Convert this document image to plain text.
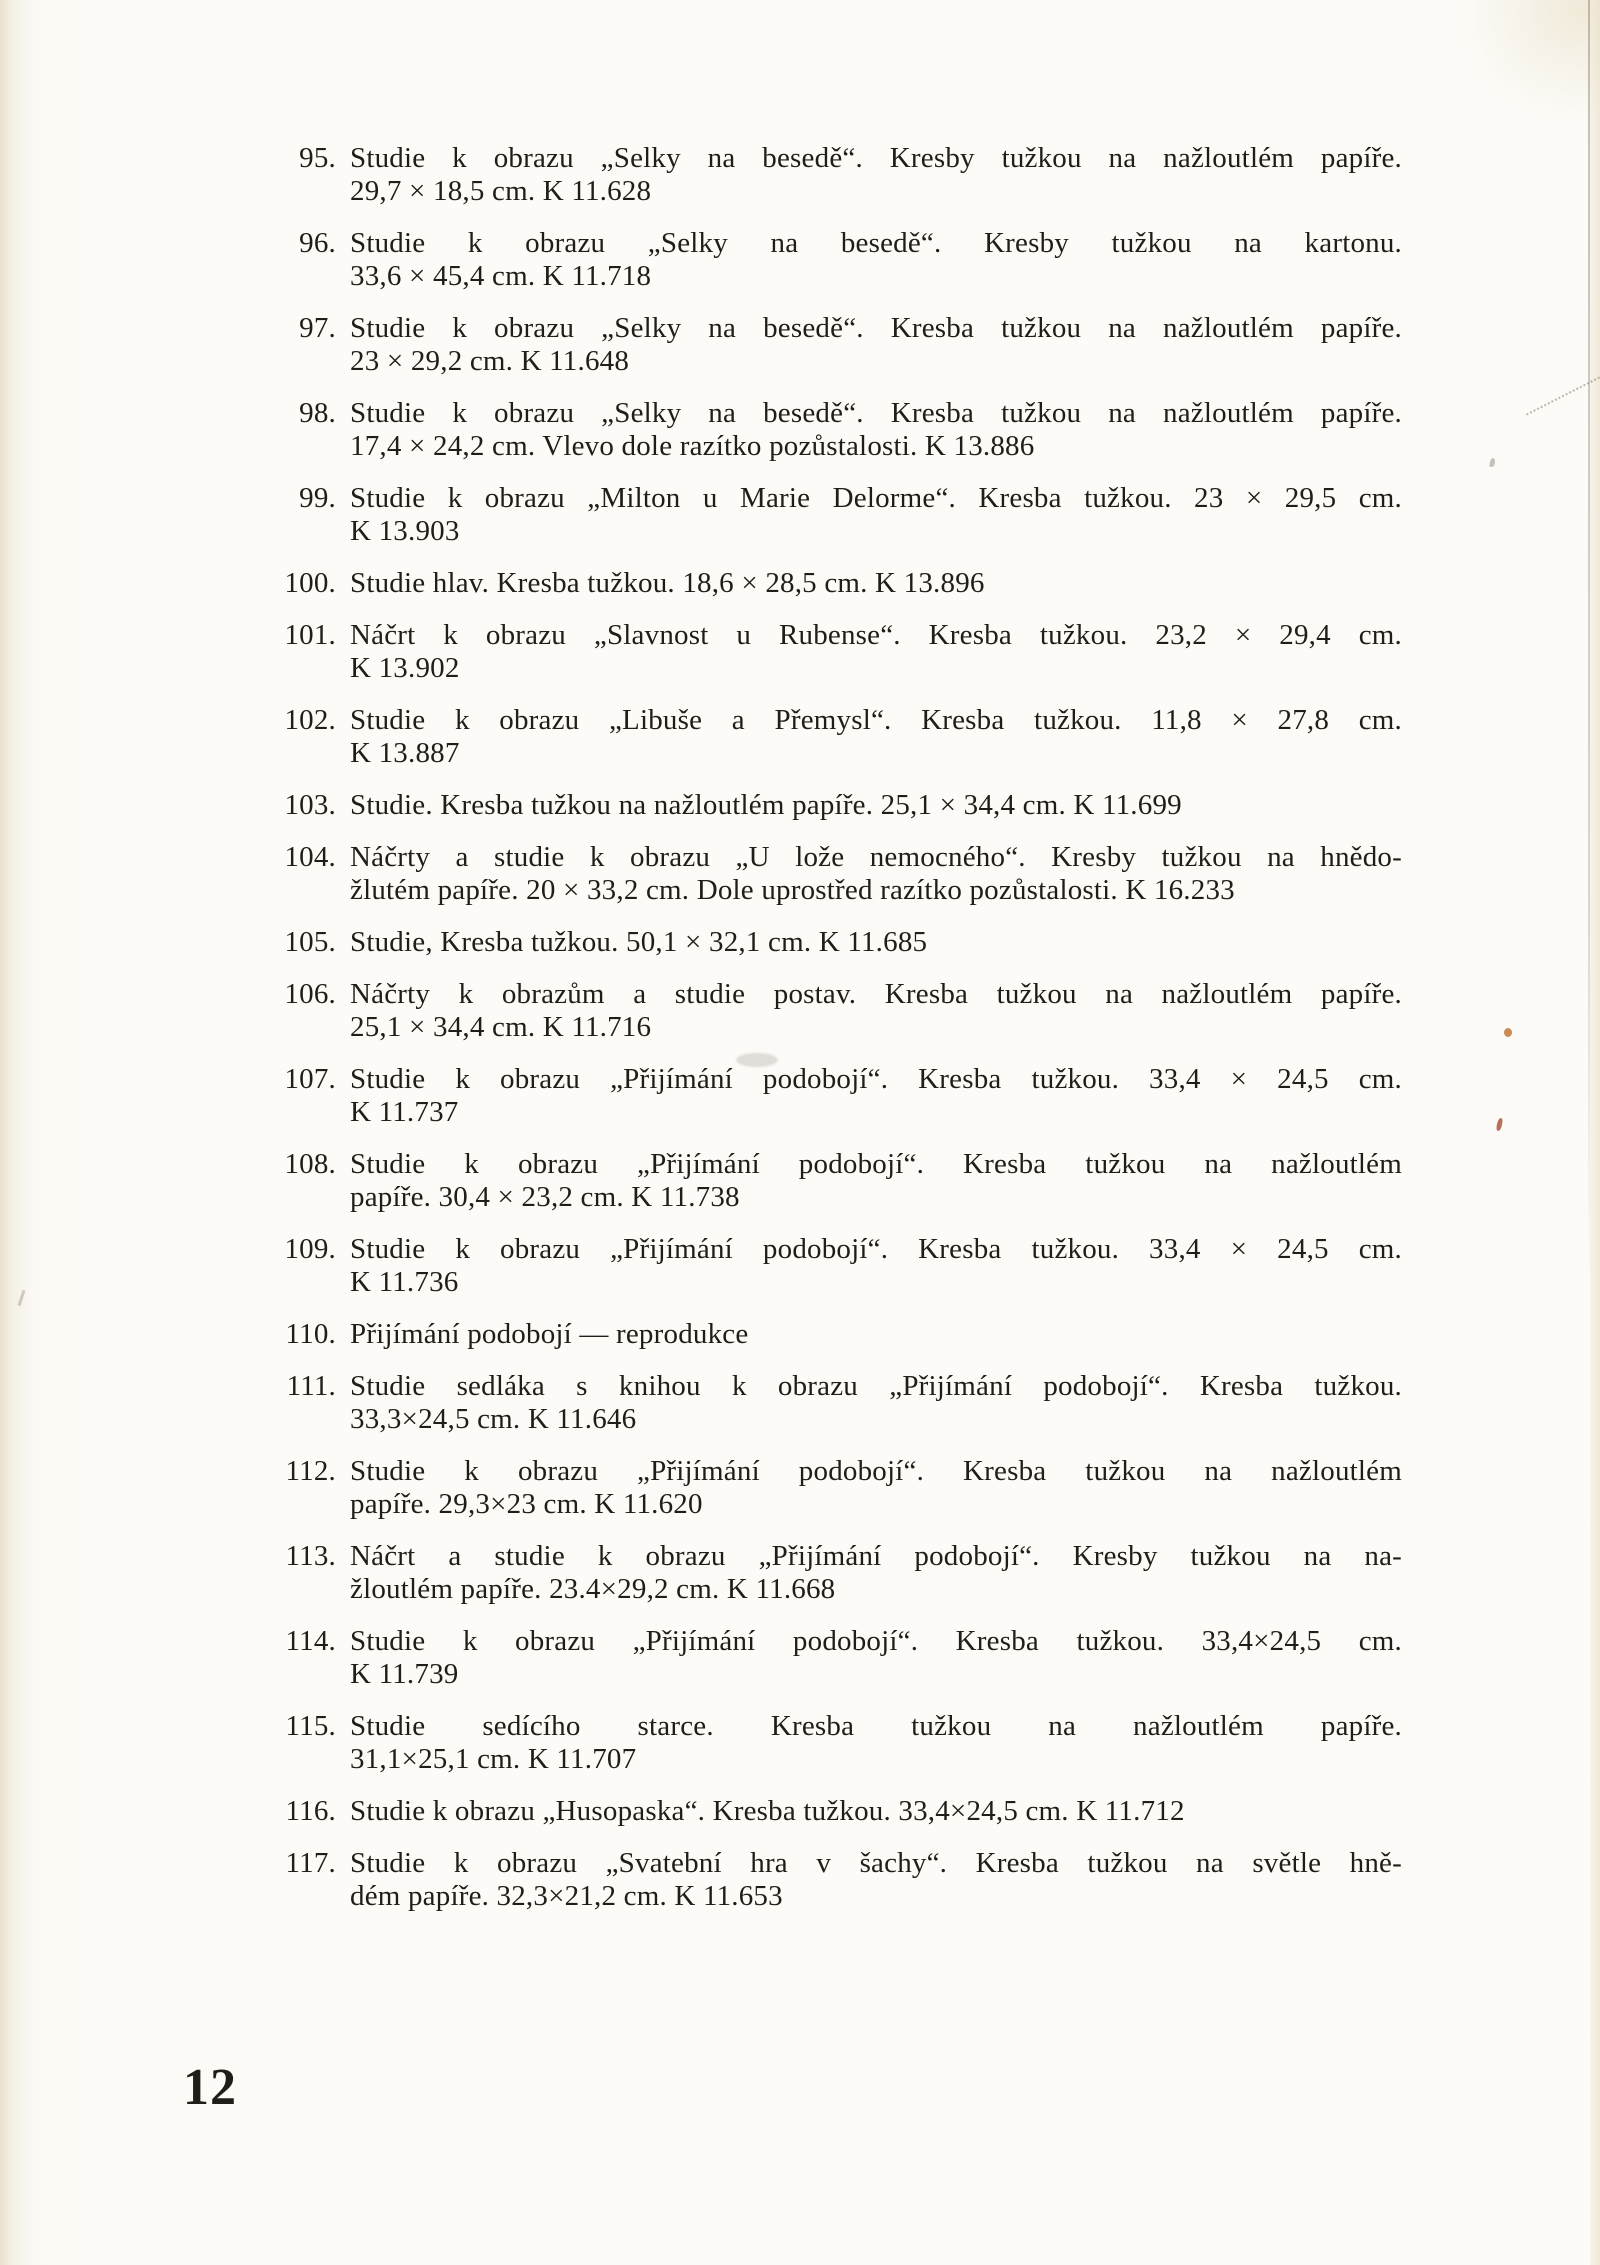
95. Studie k obrazu „Selky na besedě“. Kresby tužkou na nažloutlém papíře.
29,7 × 18,5 cm. K 11.628
96. Studie k obrazu „Selky na besedě“. Kresby tužkou na kartonu.
33,6 × 45,4 cm. K 11.718
97. Studie k obrazu „Selky na besedě“. Kresba tužkou na nažloutlém papíře.
23 × 29,2 cm. K 11.648
98. Studie k obrazu „Selky na besedě“. Kresba tužkou na nažloutlém papíře.
17,4 × 24,2 cm. Vlevo dole razítko pozůstalosti. K 13.886
99. Studie k obrazu „Milton u Marie Delorme“. Kresba tužkou. 23 × 29,5 cm.
K 13.903
100. Studie hlav. Kresba tužkou. 18,6 × 28,5 cm. K 13.896
101. Náčrt k obrazu „Slavnost u Rubense“. Kresba tužkou. 23,2 × 29,4 cm.
K 13.902
102. Studie k obrazu „Libuše a Přemysl“. Kresba tužkou. 11,8 × 27,8 cm.
K 13.887
103. Studie. Kresba tužkou na nažloutlém papíře. 25,1 × 34,4 cm. K 11.699
104. Náčrty a studie k obrazu „U lože nemocného“. Kresby tužkou na hnědo-
žlutém papíře. 20 × 33,2 cm. Dole uprostřed razítko pozůstalosti. K 16.233
105. Studie, Kresba tužkou. 50,1 × 32,1 cm. K 11.685
106. Náčrty k obrazům a studie postav. Kresba tužkou na nažloutlém papíře.
25,1 × 34,4 cm. K 11.716
107. Studie k obrazu „Přijímání podobojí“. Kresba tužkou. 33,4 × 24,5 cm.
K 11.737
108. Studie k obrazu „Přijímání podobojí“. Kresba tužkou na nažloutlém
papíře. 30,4 × 23,2 cm. K 11.738
109. Studie k obrazu „Přijímání podobojí“. Kresba tužkou. 33,4 × 24,5 cm.
K 11.736
110. Přijímání podobojí — reprodukce
111. Studie sedláka s knihou k obrazu „Přijímání podobojí“. Kresba tužkou.
33,3×24,5 cm. K 11.646
112. Studie k obrazu „Přijímání podobojí“. Kresba tužkou na nažloutlém
papíře. 29,3×23 cm. K 11.620
113. Náčrt a studie k obrazu „Přijímání podobojí“. Kresby tužkou na na-
žloutlém papíře. 23.4×29,2 cm. K 11.668
114. Studie k obrazu „Přijímání podobojí“. Kresba tužkou. 33,4×24,5 cm.
K 11.739
115. Studie sedícího starce. Kresba tužkou na nažloutlém papíře.
31,1×25,1 cm. K 11.707
116. Studie k obrazu „Husopaska“. Kresba tužkou. 33,4×24,5 cm. K 11.712
117. Studie k obrazu „Svatební hra v šachy“. Kresba tužkou na světle hně-
dém papíře. 32,3×21,2 cm. K 11.653
12
